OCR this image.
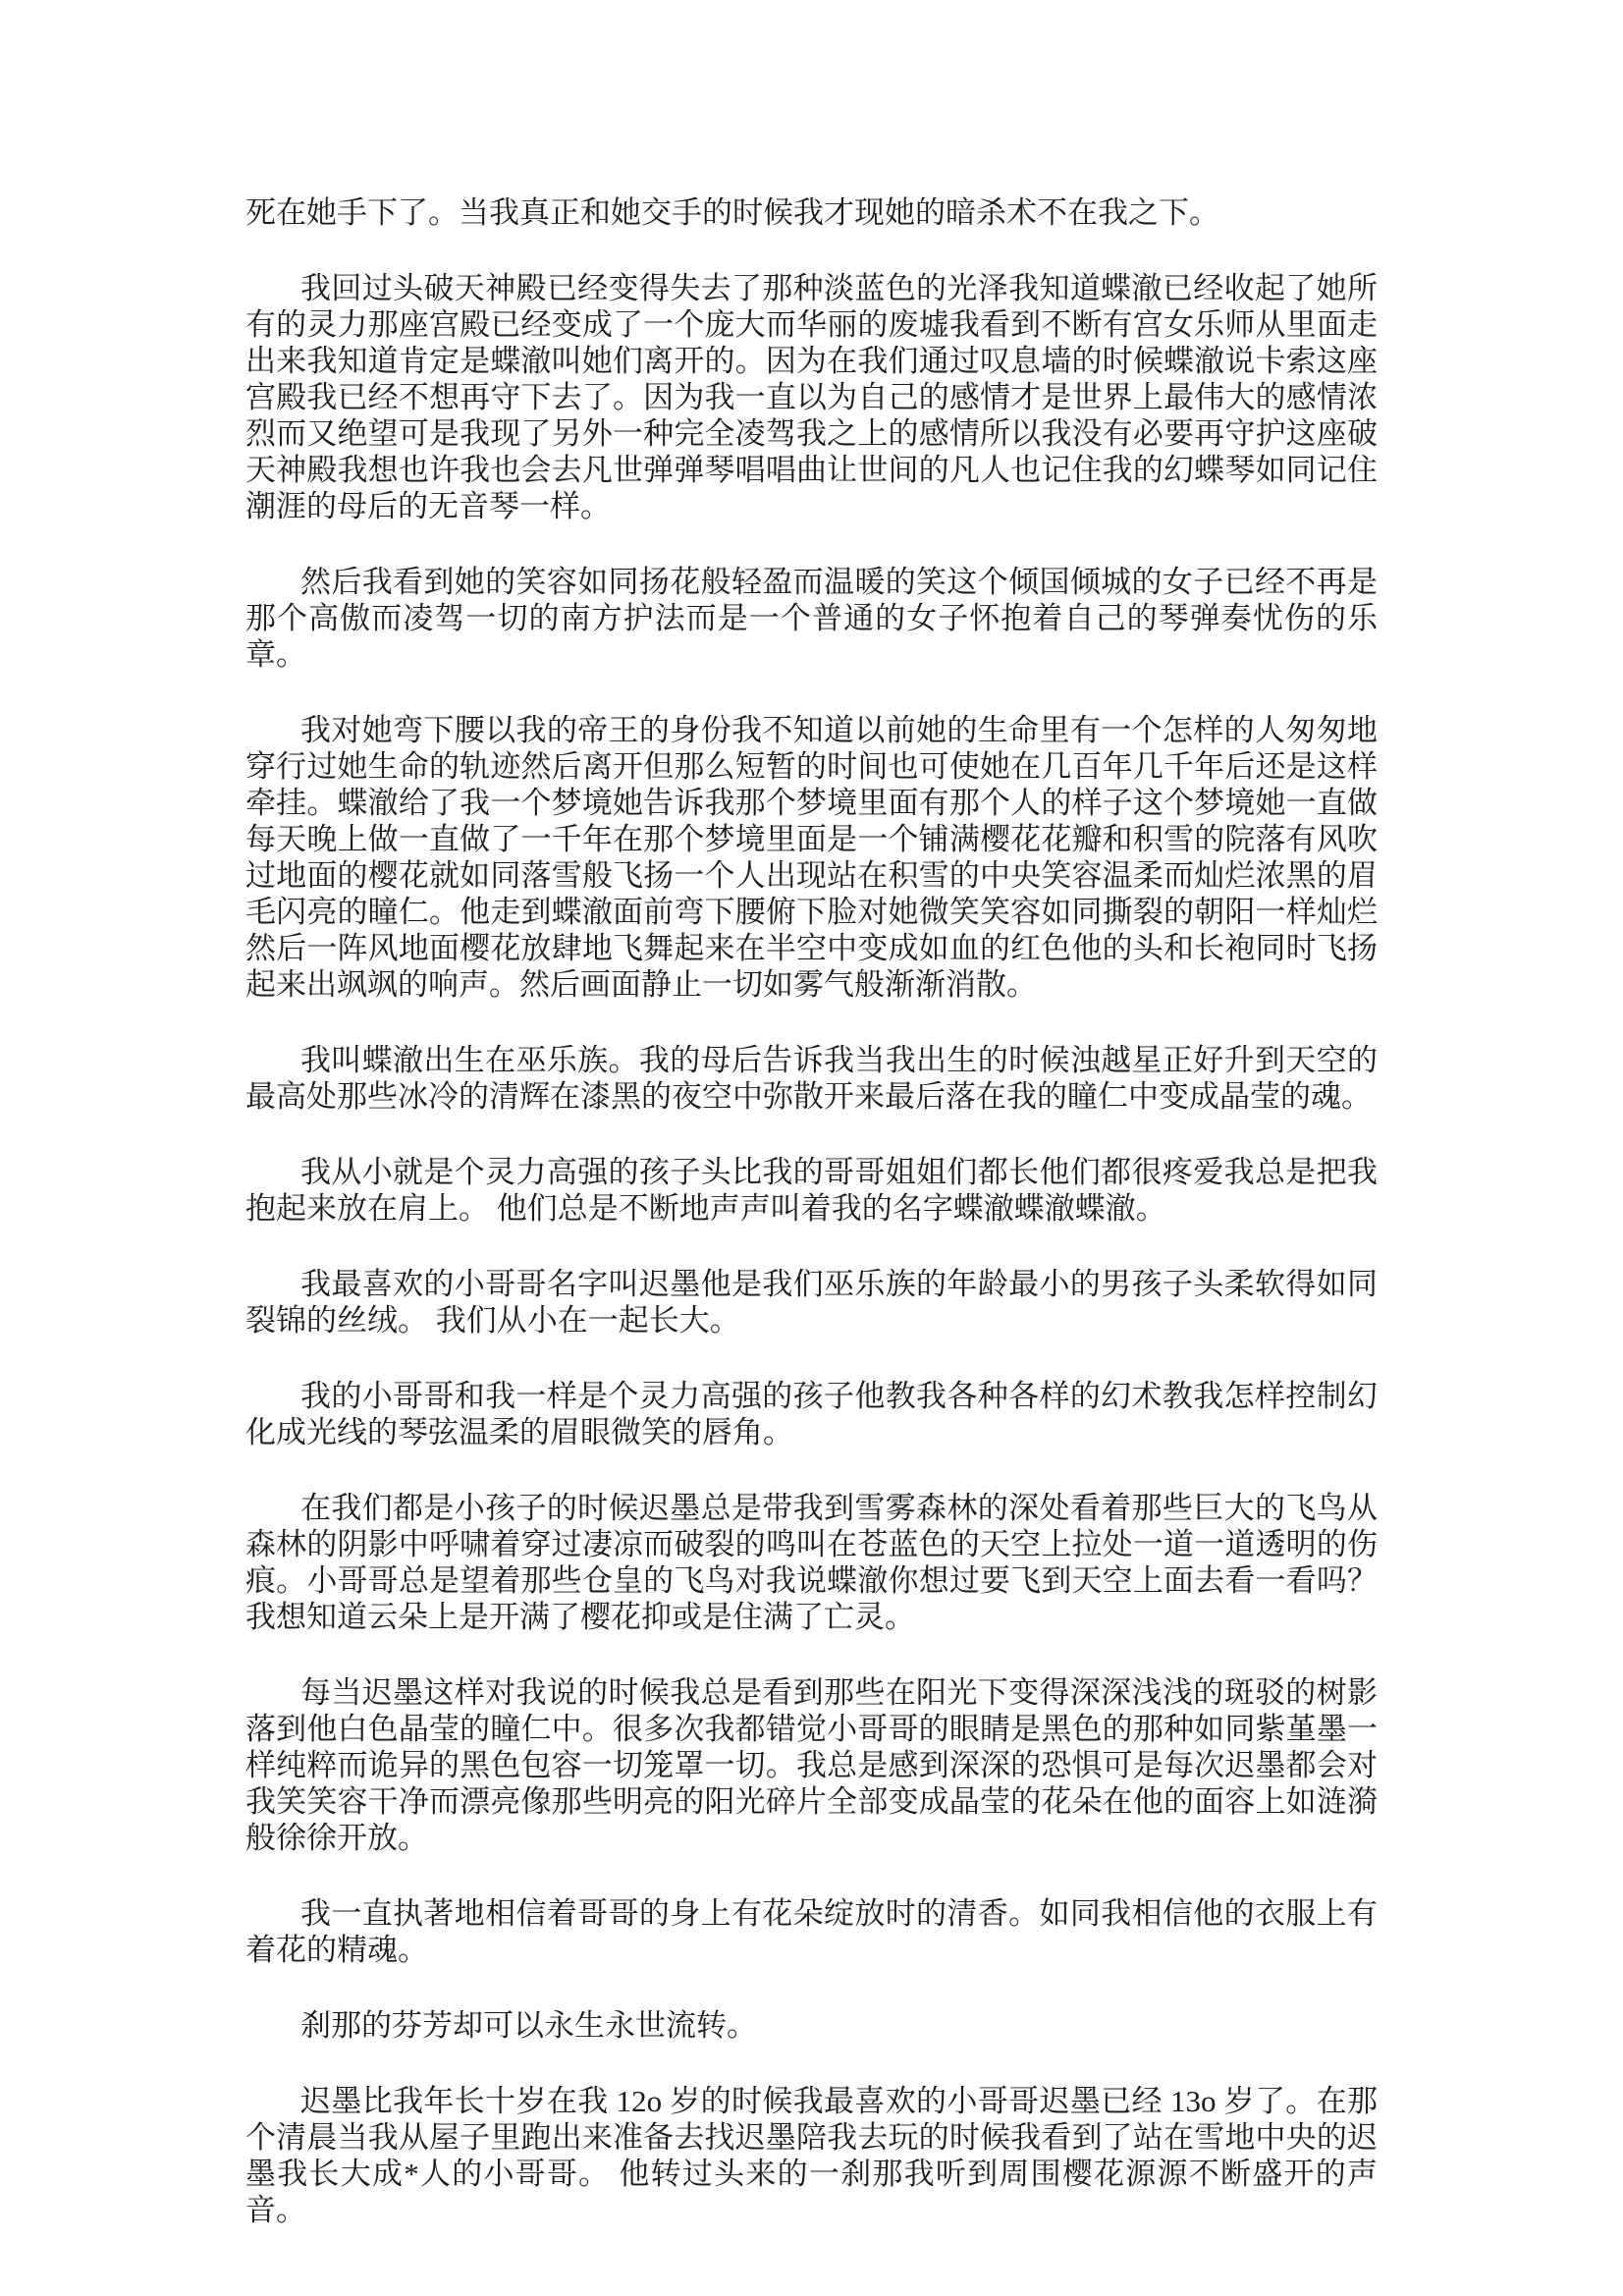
死在她手下了。当我真正和她交手的时候我才现她的暗杀术不在我之下。

我回过头破天神殿已经变得失去了那种淡蓝色的光泽我知道蝶澈已经收起了她所有的灵力那座宫殿已经变成了一个庞大而华丽的废墟我看到不断有宫女乐师从里面走出来我知道肯定是蝶澈叫她们离开的。因为在我们通过叹息墙的时候蝶澈说卡索这座宫殿我已经不想再守下去了。因为我一直以为自己的感情才是世界上最伟大的感情浓烈而又绝望可是我现了另外一种完全凌驾我之上的感情所以我没有必要再守护这座破天神殿我想也许我也会去凡世弹弹琴唱唱曲让世间的凡人也记住我的幻蝶琴如同记住潮涯的母后的无音琴一样。

然后我看到她的笑容如同扬花般轻盈而温暖的笑这个倾国倾城的女子已经不再是那个高傲而凌驾一切的南方护法而是一个普通的女子怀抱着自己的琴弹奏忧伤的乐章。

我对她弯下腰以我的帝王的身份我不知道以前她的生命里有一个怎样的人匆匆地穿行过她生命的轨迹然后离开但那么短暂的时间也可使她在几百年几千年后还是这样牵挂。蝶澈给了我一个梦境她告诉我那个梦境里面有那个人的样子这个梦境她一直做每天晚上做一直做了一千年在那个梦境里面是一个铺满樱花花瓣和积雪的院落有风吹过地面的樱花就如同落雪般飞扬一个人出现站在积雪的中央笑容温柔而灿烂浓黑的眉毛闪亮的瞳仁。他走到蝶澈面前弯下腰俯下脸对她微笑笑容如同撕裂的朝阳一样灿烂然后一阵风地面樱花放肆地飞舞起来在半空中变成如血的红色他的头和长袍同时飞扬起来出飒飒的响声。然后画面静止一切如雾气般渐渐消散。

我叫蝶澈出生在巫乐族。我的母后告诉我当我出生的时候浊越星正好升到天空的最高处那些冰冷的清辉在漆黑的夜空中弥散开来最后落在我的瞳仁中变成晶莹的魂。

我从小就是个灵力高强的孩子头比我的哥哥姐姐们都长他们都很疼爱我总是把我抱起来放在肩上。 他们总是不断地声声叫着我的名字蝶澈蝶澈蝶澈。

我最喜欢的小哥哥名字叫迟墨他是我们巫乐族的年龄最小的男孩子头柔软得如同裂锦的丝绒。 我们从小在一起长大。

我的小哥哥和我一样是个灵力高强的孩子他教我各种各样的幻术教我怎样控制幻化成光线的琴弦温柔的眉眼微笑的唇角。

在我们都是小孩子的时候迟墨总是带我到雪雾森林的深处看着那些巨大的飞鸟从森林的阴影中呼啸着穿过凄凉而破裂的鸣叫在苍蓝色的天空上拉处一道一道透明的伤痕。小哥哥总是望着那些仓皇的飞鸟对我说蝶澈你想过要飞到天空上面去看一看吗？ 我想知道云朵上是开满了樱花抑或是住满了亡灵。

每当迟墨这样对我说的时候我总是看到那些在阳光下变得深深浅浅的斑驳的树影落到他白色晶莹的瞳仁中。很多次我都错觉小哥哥的眼睛是黑色的那种如同紫堇墨一样纯粹而诡异的黑色包容一切笼罩一切。我总是感到深深的恐惧可是每次迟墨都会对我笑笑容干净而漂亮像那些明亮的阳光碎片全部变成晶莹的花朵在他的面容上如涟漪般徐徐开放。

我一直执著地相信着哥哥的身上有花朵绽放时的清香。如同我相信他的衣服上有着花的精魂。

刹那的芬芳却可以永生永世流转。

迟墨比我年长十岁在我 12o 岁的时候我最喜欢的小哥哥迟墨已经 13o 岁了。在那个清晨当我从屋子里跑出来准备去找迟墨陪我去玩的时候我看到了站在雪地中央的迟墨我长大成*人的小哥哥。 他转过头来的一刹那我听到周围樱花源源不断盛开的声音。
